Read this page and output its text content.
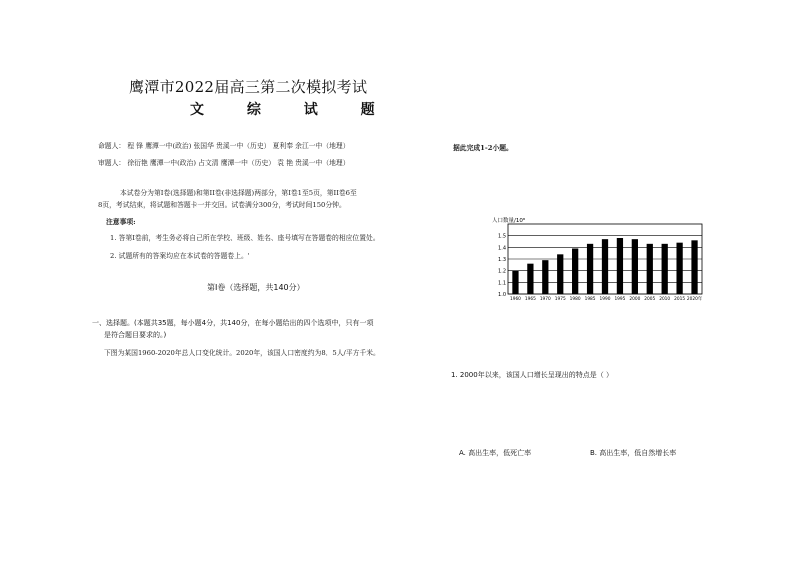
鹰潭市2022届高三第二次模拟考试
文 综 试 题
命题人： 程 锋 鹰潭一中(政治) 张国华 贵溪一中（历史） 夏利奉 余江一中（地理）
审题人： 徐衍艳 鹰潭一中(政治) 占文清 鹰潭一中（历史） 袁 艳 贵溪一中（地理）
本试卷分为第I卷(选择题)和第II卷(非选择题)两部分，第I卷1至5页，第II卷6至
8页，考试结束，将试题和答题卡一并交回。试卷满分300分，考试时间150分钟。
注意事项:
1. 答第I卷前，考生务必将自己所在学校、班级、姓名、座号填写在答题卷的相应位置处。
2. 试题所有的答案均应在本试卷的答题卷上。'
第I卷（选择题，共140分）
一、选择题。(本题共35题，每小题4分，共140分，在每小题给出的四个选项中，只有一项
是符合题目要求的。)
下图为某国1960-2020年总人口变化统计。2020年，该国人口密度约为8．5人/平方千米。
据此完成1-2小题。
1.0
1.1
1.2
1.3
1.4
1.5
1960 1965 1970 1975 1980 1985 1990 1995 2000 2005 2010 2015 2020年
人口数量/10⁸
1. 2000年以来，该国人口增长呈现出的特点是（ ）
A. 高出生率，低死亡率	B. 高出生率，低自然增长率
